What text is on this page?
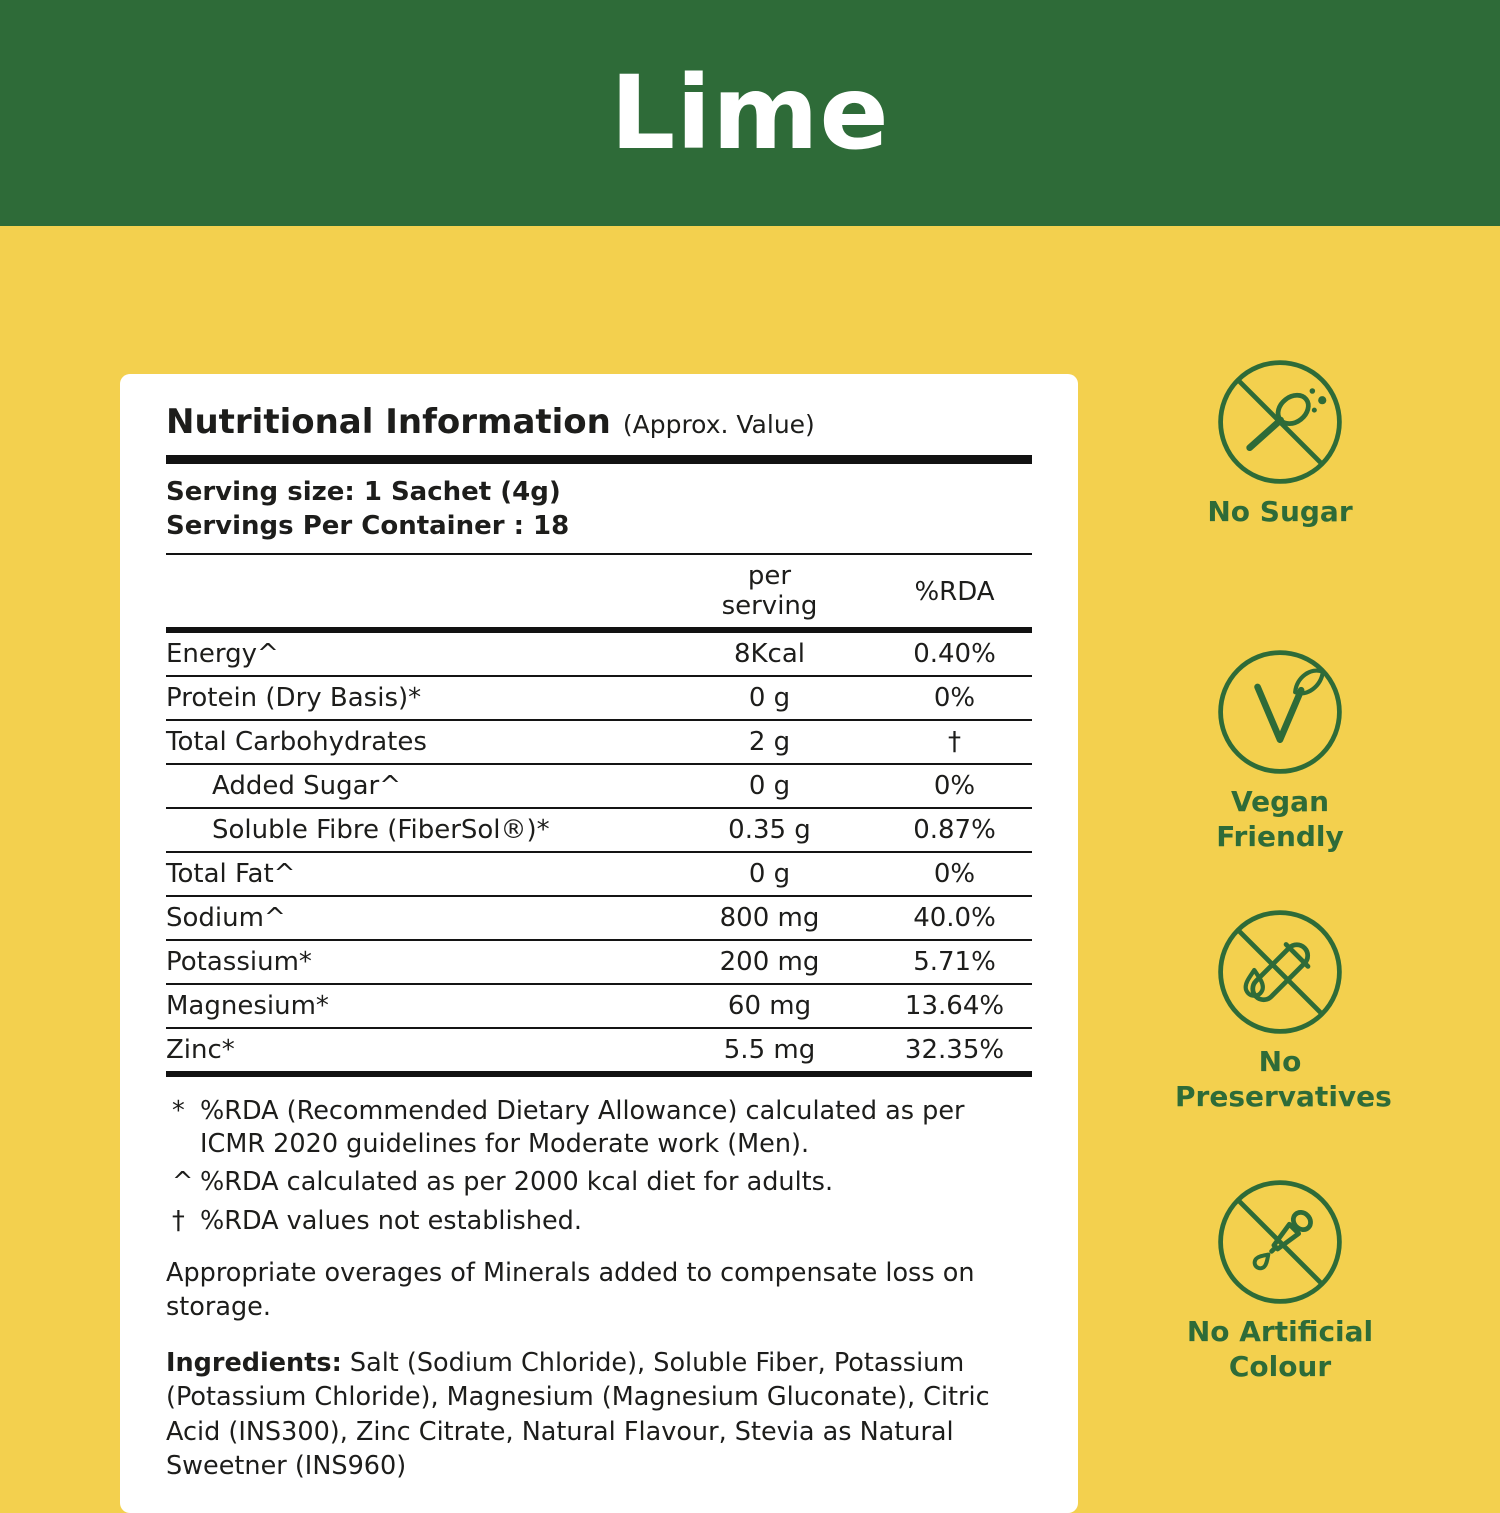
Lime
Nutritional Information (Approx. Value)
Serving size: 1 Sachet (4g)
Servings Per Container : 18
per serving	%RDA
Energy^	8Kcal	0.40%
Protein (Dry Basis)*	0 g	0%
Total Carbohydrates	2 g	†
Added Sugar^	0 g	0%
Soluble Fibre (FiberSol®)*	0.35 g	0.87%
Total Fat^	0 g	0%
Sodium^	800 mg	40.0%
Potassium*	200 mg	5.71%
Magnesium*	60 mg	13.64%
Zinc*	5.5 mg	32.35%
* %RDA (Recommended Dietary Allowance) calculated as per ICMR 2020 guidelines for Moderate work (Men).
^ %RDA calculated as per 2000 kcal diet for adults.
† %RDA values not established.
Appropriate overages of Minerals added to compensate loss on storage.
Ingredients: Salt (Sodium Chloride), Soluble Fiber, Potassium (Potassium Chloride), Magnesium (Magnesium Gluconate), Citric Acid (INS300), Zinc Citrate, Natural Flavour, Stevia as Natural Sweetner (INS960)
No Sugar
Vegan Friendly
No Preservatives
No Artificial Colour
